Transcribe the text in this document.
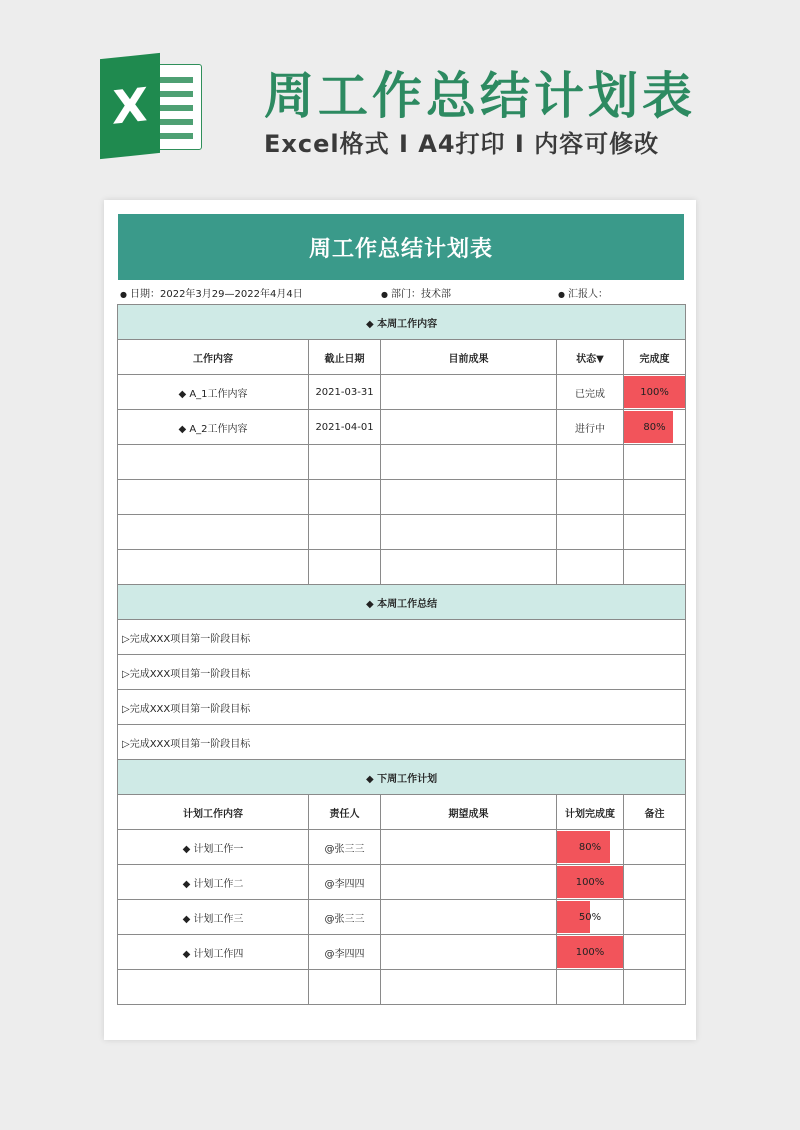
X 周工作总结计划表
Excel格式 I A4打印 I 内容可修改
周工作总结计划表
● 日期：2022年3月29—2022年4月4日	● 部门：技术部	● 汇报人：
◆ 本周工作内容				
工作内容	截止日期	目前成果	状态▼	完成度
◆ A_1工作内容	2021-03-31		已完成	100%
◆ A_2工作内容	2021-04-01		进行中	80%

◆ 本周工作总结				
▷完成XXX项目第一阶段目标				
▷完成XXX项目第一阶段目标				
▷完成XXX项目第一阶段目标				
▷完成XXX项目第一阶段目标				
◆ 下周工作计划				
计划工作内容	责任人	期望成果	计划完成度	备注
◆ 计划工作一	@张三三		80%	
◆ 计划工作二	@李四四		100%	
◆ 计划工作三	@张三三		50%	
◆ 计划工作四	@李四四		100%	
